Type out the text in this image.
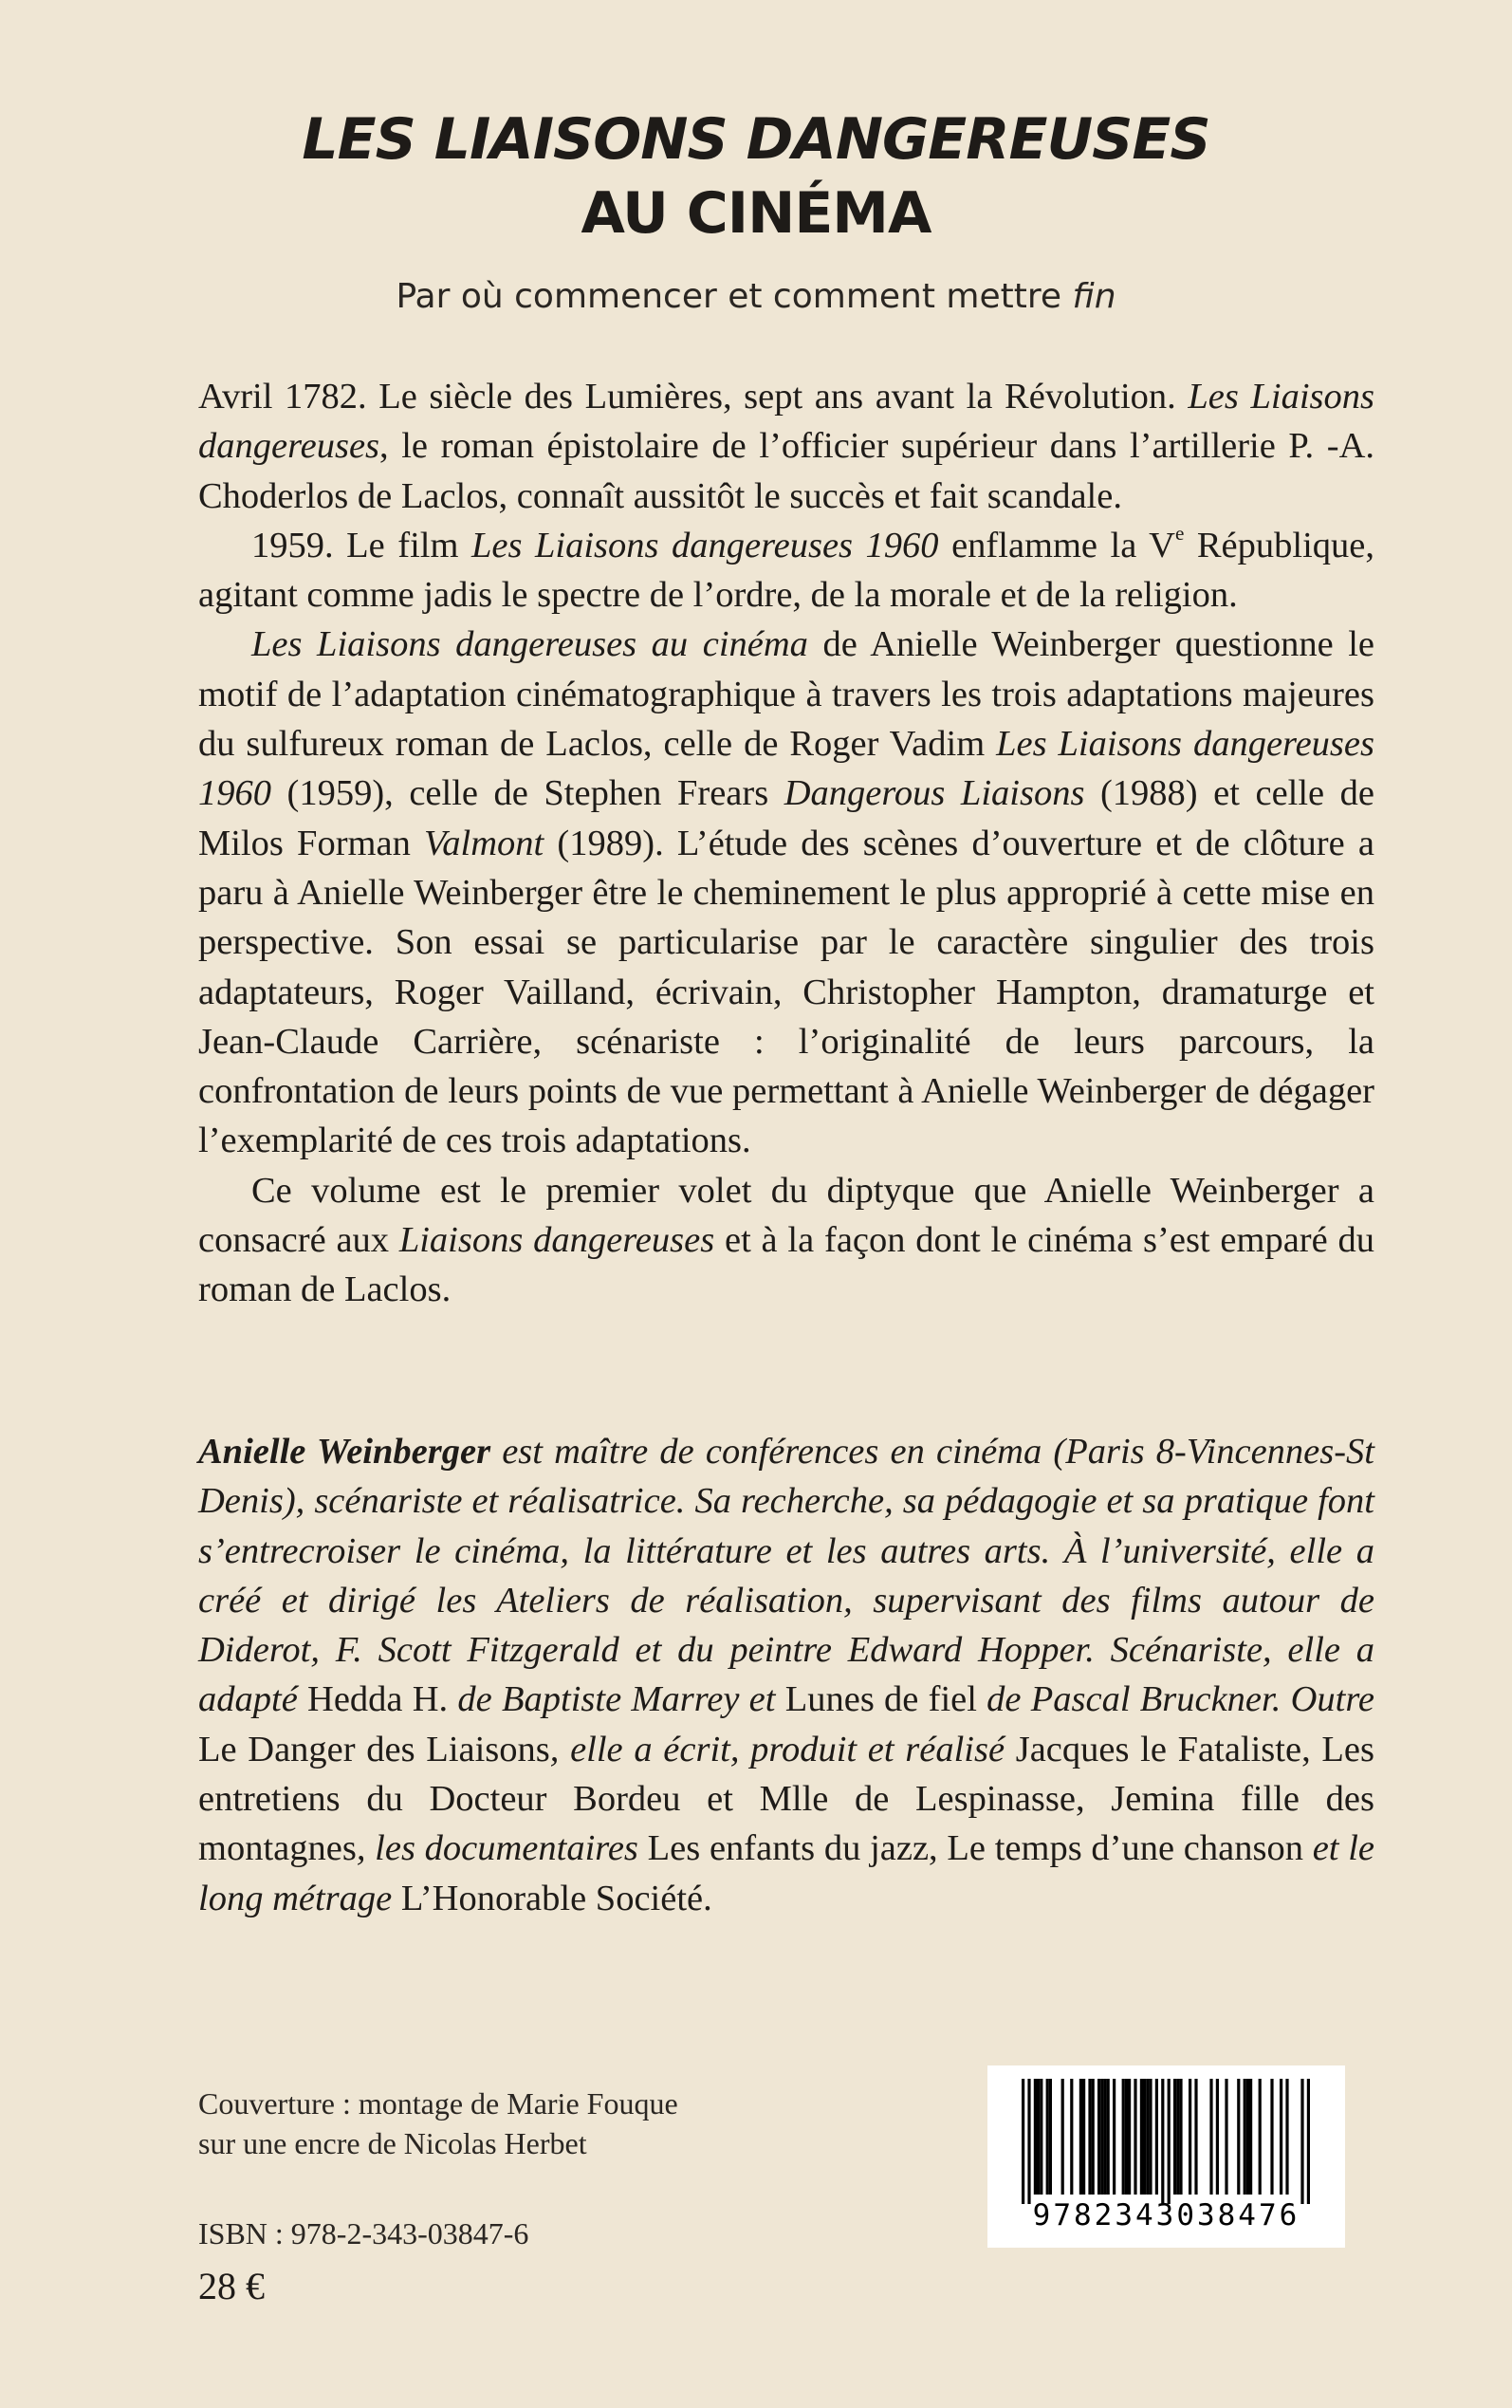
LES LIAISONS DANGEREUSES
AU CINÉMA
Par où commencer et comment mettre fin

Avril 1782. Le siècle des Lumières, sept ans avant la Révolution. Les Liaisons dangereuses, le roman épistolaire de l’officier supérieur dans l’artillerie P. -A. Choderlos de Laclos, connaît aussitôt le succès et fait scandale.

1959. Le film Les Liaisons dangereuses 1960 enflamme la Ve République, agitant comme jadis le spectre de l’ordre, de la morale et de la religion.

Les Liaisons dangereuses au cinéma de Anielle Weinberger questionne le motif de l’adaptation cinématographique à travers les trois adaptations majeures du sulfureux roman de Laclos, celle de Roger Vadim Les Liaisons dangereuses 1960 (1959), celle de Stephen Frears Dangerous Liaisons (1988) et celle de Milos Forman Valmont (1989). L’étude des scènes d’ouverture et de clôture a paru à Anielle Weinberger être le cheminement le plus approprié à cette mise en perspective. Son essai se particularise par le caractère singulier des trois adaptateurs, Roger Vailland, écrivain, Christopher Hampton, dramaturge et Jean-Claude Carrière, scénariste : l’originalité de leurs parcours, la confrontation de leurs points de vue permettant à Anielle Weinberger de dégager l’exemplarité de ces trois adaptations.

Ce volume est le premier volet du diptyque que Anielle Weinberger a consacré aux Liaisons dangereuses et à la façon dont le cinéma s’est emparé du roman de Laclos.

Anielle Weinberger est maître de conférences en cinéma (Paris 8-Vincennes-St Denis), scénariste et réalisatrice. Sa recherche, sa pédagogie et sa pratique font s’entrecroiser le cinéma, la littérature et les autres arts. À l’université, elle a créé et dirigé les Ateliers de réalisation, supervisant des films autour de Diderot, F. Scott Fitzgerald et du peintre Edward Hopper. Scénariste, elle a adapté Hedda H. de Baptiste Marrey et Lunes de fiel de Pascal Bruckner. Outre Le Danger des Liaisons, elle a écrit, produit et réalisé Jacques le Fataliste, Les entretiens du Docteur Bordeu et Mlle de Lespinasse, Jemina fille des montagnes, les documentaires Les enfants du jazz, Le temps d’une chanson et le long métrage L’Honorable Société.

Couverture : montage de Marie Fouque
sur une encre de Nicolas Herbet
ISBN : 978-2-343-03847-6
28 €
9782343038476
